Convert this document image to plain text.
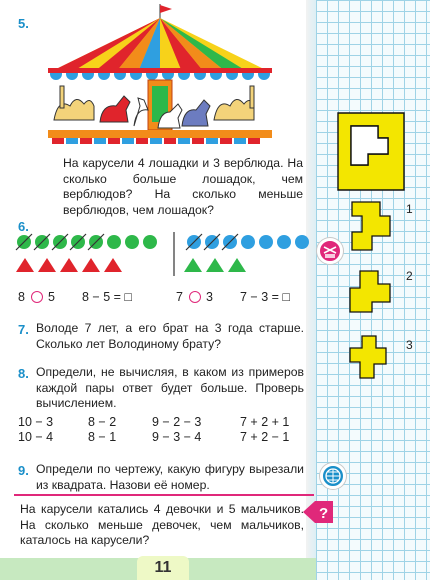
1
2
3
?
5.
На карусели 4 лошадки и 3 верблюда. На сколько больше лошадок, чем верблюдов? На сколько меньше верблюдов, чем лошадок?
6.
8 5 8 − 5 = □	7 3 7 − 3 = □
7. Володе 7 лет, а его брат на 3 года старше. Сколько лет Володиному брату?
8. Определи, не вычисляя, в каком из примеров каждой пары ответ будет больше. Проверь вычислением.
10 − 3
10 − 4
8 − 2
8 − 1
9 − 2 − 3
9 − 3 − 4
7 + 2 + 1
7 + 2 − 1
9. Определи по чертежу, какую фигуру вырезали из квадрата. Назови её номер.
На карусели катались 4 девочки и 5 мальчиков. На сколько меньше девочек, чем мальчиков, каталось на карусели?
11
